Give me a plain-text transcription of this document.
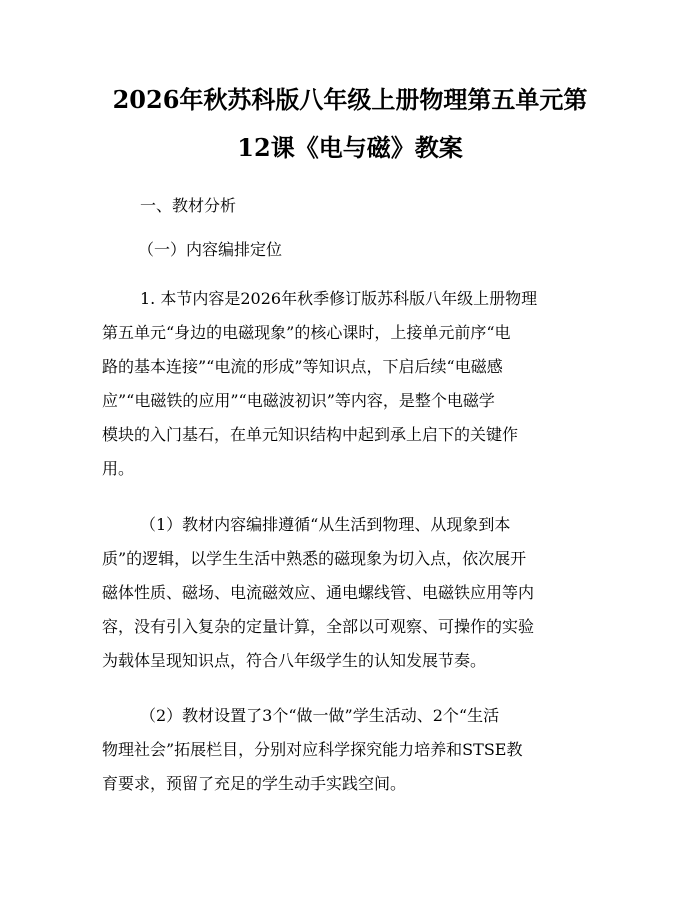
2026年秋苏科版八年级上册物理第五单元第
12课《电与磁》教案
一、教材分析
（一）内容编排定位
1. 本节内容是2026年秋季修订版苏科版八年级上册物理
第五单元“身边的电磁现象”的核心课时，上接单元前序“电
路的基本连接”“电流的形成”等知识点，下启后续“电磁感
应”“电磁铁的应用”“电磁波初识”等内容，是整个电磁学
模块的入门基石，在单元知识结构中起到承上启下的关键作
用。
（1）教材内容编排遵循“从生活到物理、从现象到本
质”的逻辑，以学生生活中熟悉的磁现象为切入点，依次展开
磁体性质、磁场、电流磁效应、通电螺线管、电磁铁应用等内
容，没有引入复杂的定量计算，全部以可观察、可操作的实验
为载体呈现知识点，符合八年级学生的认知发展节奏。
（2）教材设置了3个“做一做”学生活动、2个“生活
物理社会”拓展栏目，分别对应科学探究能力培养和STSE教
育要求，预留了充足的学生动手实践空间。
